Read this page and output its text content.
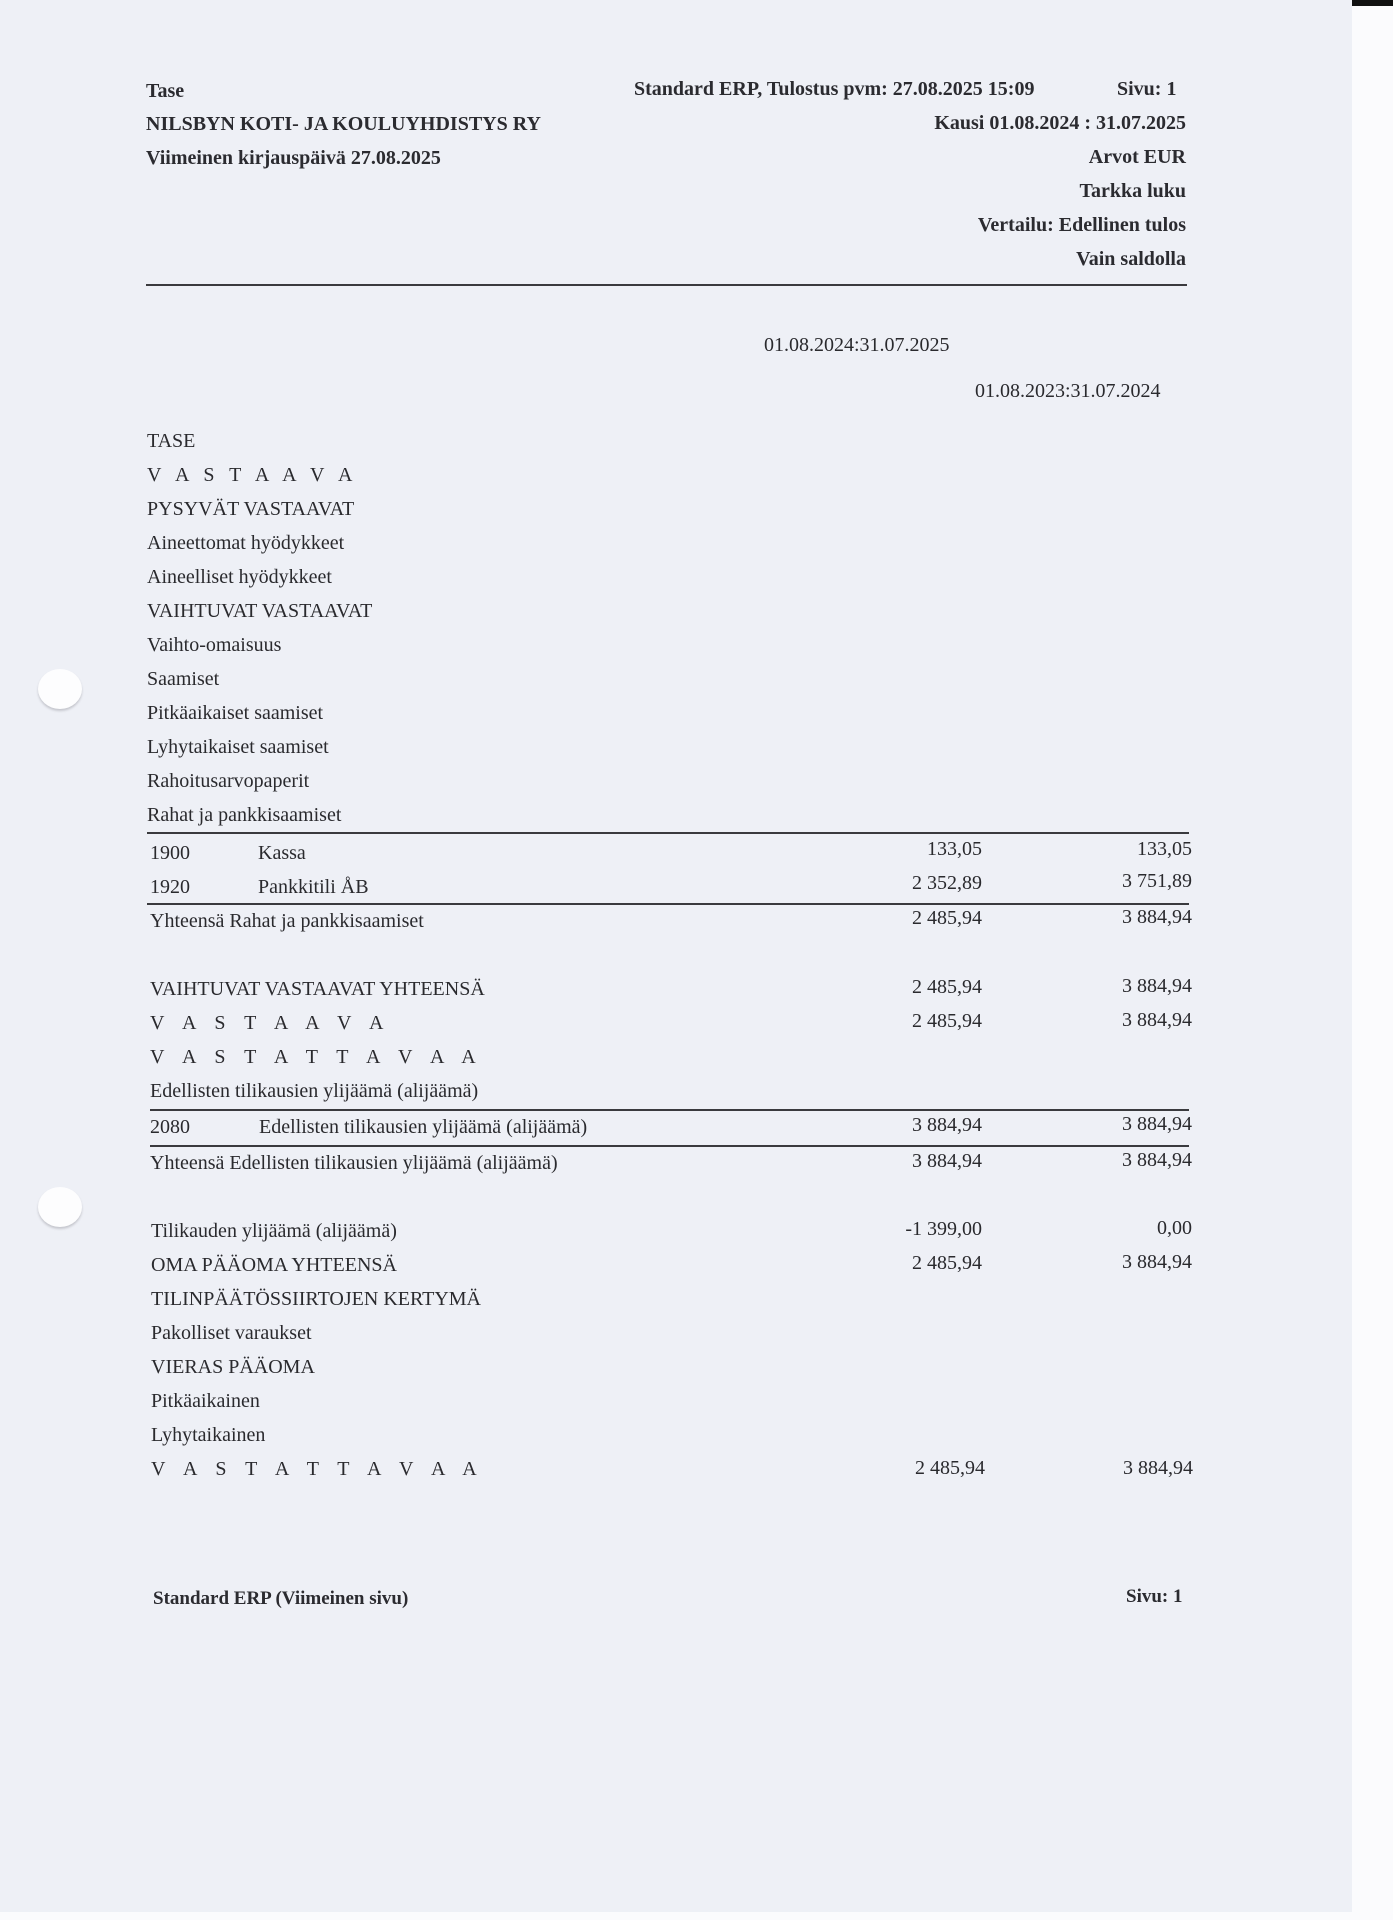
Tase
NILSBYN KOTI- JA KOULUYHDISTYS RY
Viimeinen kirjauspäivä 27.08.2025
Standard ERP, Tulostus pvm: 27.08.2025 15:09	Sivu: 1
Kausi 01.08.2024 : 31.07.2025
Arvot EUR
Tarkka luku
Vertailu: Edellinen tulos
Vain saldolla
01.08.2024:31.07.2025
01.08.2023:31.07.2024
TASE
V A S T A A V A
PYSYVÄT VASTAAVAT
Aineettomat hyödykkeet
Aineelliset hyödykkeet
VAIHTUVAT VASTAAVAT
Vaihto-omaisuus
Saamiset
Pitkäaikaiset saamiset
Lyhytaikaiset saamiset
Rahoitusarvopaperit
Rahat ja pankkisaamiset
1900	Kassa	133,05	133,05
1920	Pankkitili ÅB	2 352,89	3 751,89
Yhteensä Rahat ja pankkisaamiset	2 485,94	3 884,94
VAIHTUVAT VASTAAVAT YHTEENSÄ	2 485,94	3 884,94
V A S T A A V A	2 485,94	3 884,94
V A S T A T T A V A A
Edellisten tilikausien ylijäämä (alijäämä)
2080	Edellisten tilikausien ylijäämä (alijäämä)	3 884,94	3 884,94
Yhteensä Edellisten tilikausien ylijäämä (alijäämä)	3 884,94	3 884,94
Tilikauden ylijäämä (alijäämä)	-1 399,00	0,00
OMA PÄÄOMA YHTEENSÄ	2 485,94	3 884,94
TILINPÄÄTÖSSIIRTOJEN KERTYMÄ
Pakolliset varaukset
VIERAS PÄÄOMA
Pitkäaikainen
Lyhytaikainen
V A S T A T T A V A A	2 485,94	3 884,94
Standard ERP (Viimeinen sivu)	Sivu: 1
